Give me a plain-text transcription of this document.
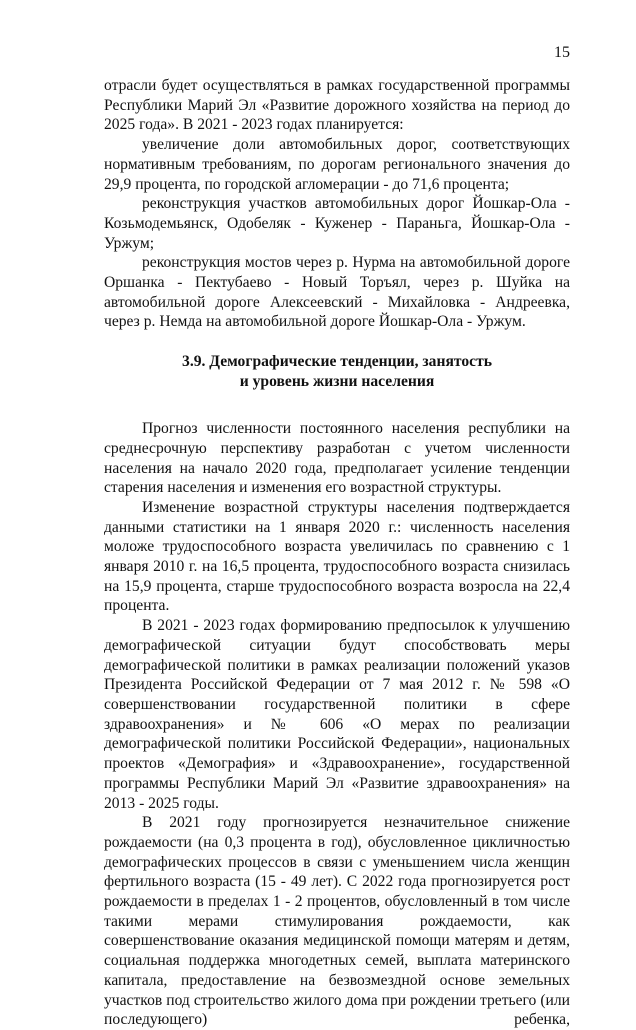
15

отрасли будет осуществляться в рамках государственной программы Республики Марий Эл «Развитие дорожного хозяйства на период до 2025 года». В 2021 - 2023 годах планируется:

увеличение доли автомобильных дорог, соответствующих нормативным требованиям, по дорогам регионального значения до 29,9 процента, по городской агломерации - до 71,6 процента;

реконструкция участков автомобильных дорог Йошкар-Ола - Козьмодемьянск, Одобеляк - Куженер - Параньга, Йошкар-Ола - Уржум;

реконструкция мостов через р. Нурма на автомобильной дороге Оршанка - Пектубаево - Новый Торъял, через р. Шуйка на автомобильной дороге Алексеевский - Михайловка - Андреевка, через р. Немда на автомобильной дороге Йошкар-Ола - Уржум.

3.9. Демографические тенденции, занятость
и уровень жизни населения

Прогноз численности постоянного населения республики на среднесрочную перспективу разработан с учетом численности населения на начало 2020 года, предполагает усиление тенденции старения населения и изменения его возрастной структуры.

Изменение возрастной структуры населения подтверждается данными статистики на 1 января 2020 г.: численность населения моложе трудоспособного возраста увеличилась по сравнению с 1 января 2010 г. на 16,5 процента, трудоспособного возраста снизилась на 15,9 процента, старше трудоспособного возраста возросла на 22,4 процента.

В 2021 - 2023 годах формированию предпосылок к улучшению демографической ситуации будут способствовать меры демографической политики в рамках реализации положений указов Президента Российской Федерации от 7 мая 2012 г. № 598 «О совершенствовании государственной политики в сфере здравоохранения» и № 606 «О мерах по реализации демографической политики Российской Федерации», национальных проектов «Демография» и «Здравоохранение», государственной программы Республики Марий Эл «Развитие здравоохранения» на 2013 - 2025 годы.

В 2021 году прогнозируется незначительное снижение рождаемости (на 0,3 процента в год), обусловленное цикличностью демографических процессов в связи с уменьшением числа женщин фертильного возраста (15 - 49 лет). С 2022 года прогнозируется рост рождаемости в пределах 1 - 2 процентов, обусловленный в том числе такими мерами стимулирования рождаемости, как совершенствование оказания медицинской помощи матерям и детям, социальная поддержка многодетных семей, выплата материнского капитала, предоставление на безвозмездной основе земельных участков под строительство жилого дома при рождении третьего (или последующего) ребенка,
